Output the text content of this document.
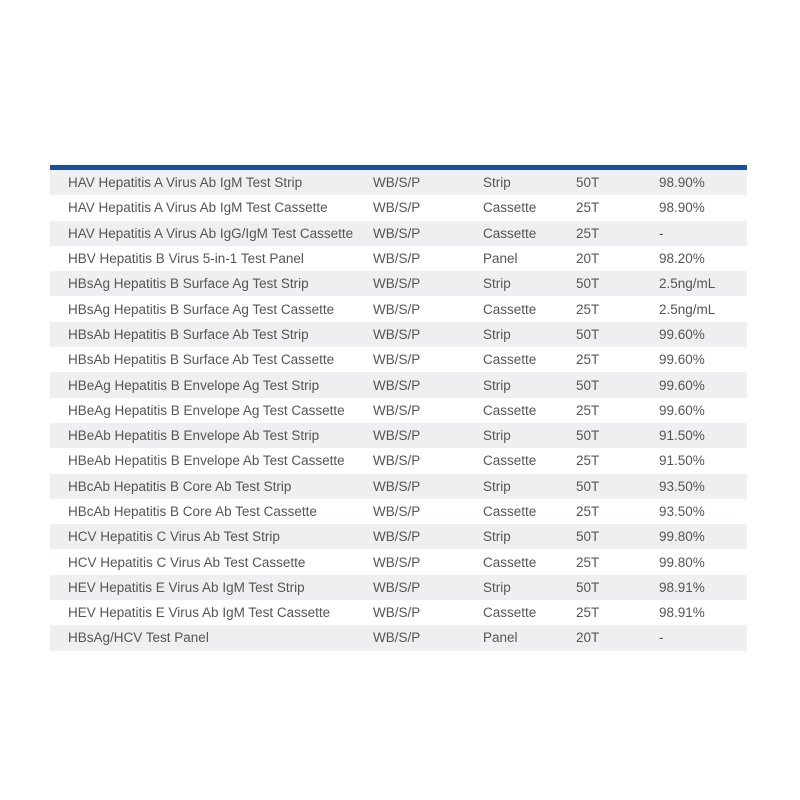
HAV Hepatitis A Virus Ab IgM Test Strip	WB/S/P	Strip	50T	98.90%
HAV Hepatitis A Virus Ab IgM Test Cassette	WB/S/P	Cassette	25T	98.90%
HAV Hepatitis A Virus Ab IgG/IgM Test Cassette	WB/S/P	Cassette	25T	-
HBV Hepatitis B Virus 5-in-1 Test Panel	WB/S/P	Panel	20T	98.20%
HBsAg Hepatitis B Surface Ag Test Strip	WB/S/P	Strip	50T	2.5ng/mL
HBsAg Hepatitis B Surface Ag Test Cassette	WB/S/P	Cassette	25T	2.5ng/mL
HBsAb Hepatitis B Surface Ab Test Strip	WB/S/P	Strip	50T	99.60%
HBsAb Hepatitis B Surface Ab Test Cassette	WB/S/P	Cassette	25T	99.60%
HBeAg Hepatitis B Envelope Ag Test Strip	WB/S/P	Strip	50T	99.60%
HBeAg Hepatitis B Envelope Ag Test Cassette	WB/S/P	Cassette	25T	99.60%
HBeAb Hepatitis B Envelope Ab Test Strip	WB/S/P	Strip	50T	91.50%
HBeAb Hepatitis B Envelope Ab Test Cassette	WB/S/P	Cassette	25T	91.50%
HBcAb Hepatitis B Core Ab Test Strip	WB/S/P	Strip	50T	93.50%
HBcAb Hepatitis B Core Ab Test Cassette	WB/S/P	Cassette	25T	93.50%
HCV Hepatitis C Virus Ab Test Strip	WB/S/P	Strip	50T	99.80%
HCV Hepatitis C Virus Ab Test Cassette	WB/S/P	Cassette	25T	99.80%
HEV Hepatitis E Virus Ab IgM Test Strip	WB/S/P	Strip	50T	98.91%
HEV Hepatitis E Virus Ab IgM Test Cassette	WB/S/P	Cassette	25T	98.91%
HBsAg/HCV Test Panel	WB/S/P	Panel	20T	-
